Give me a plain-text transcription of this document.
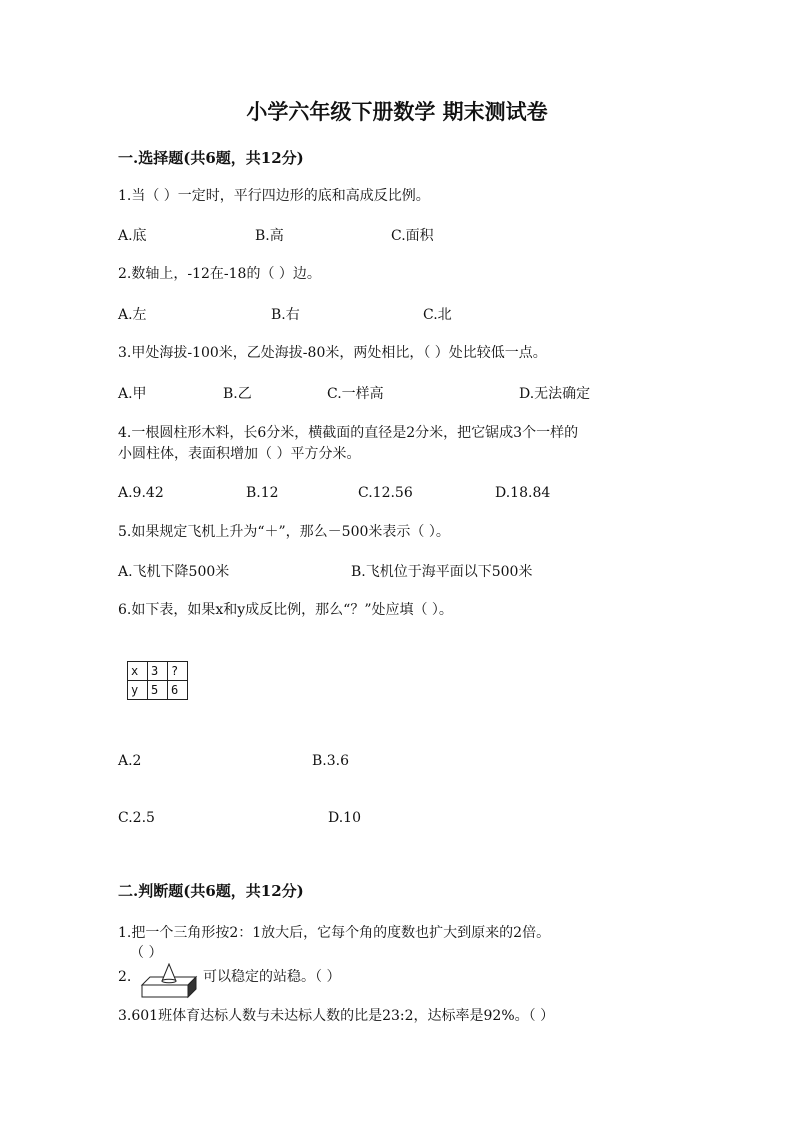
小学六年级下册数学 期末测试卷
一.选择题(共6题，共12分)
1.当（ ）一定时，平行四边形的底和高成反比例。
A.底	B.高	C.面积
2.数轴上，-12在-18的（ ）边。
A.左	B.右	C.北
3.甲处海拔-100米，乙处海拔-80米，两处相比，（ ）处比较低一点。
A.甲	B.乙	C.一样高	D.无法确定
4.一根圆柱形木料，长6分米，横截面的直径是2分米，把它锯成3个一样的
小圆柱体，表面积增加（ ）平方分米。
A.9.42	B.12	C.12.56	D.18.84
5.如果规定飞机上升为“＋”，那么－500米表示（ ）。
A.飞机下降500米	B.飞机位于海平面以下500米
6.如下表，如果x和y成反比例，那么“？”处应填（ ）。
x	3	?
y	5	6
A.2	B.3.6
C.2.5	D.10
二.判断题(共6题，共12分)
1.把一个三角形按2：1放大后，它每个角的度数也扩大到原来的2倍。
（ ）
2.	可以稳定的站稳。（ ）
3.601班体育达标人数与未达标人数的比是23:2，达标率是92%。（ ）
